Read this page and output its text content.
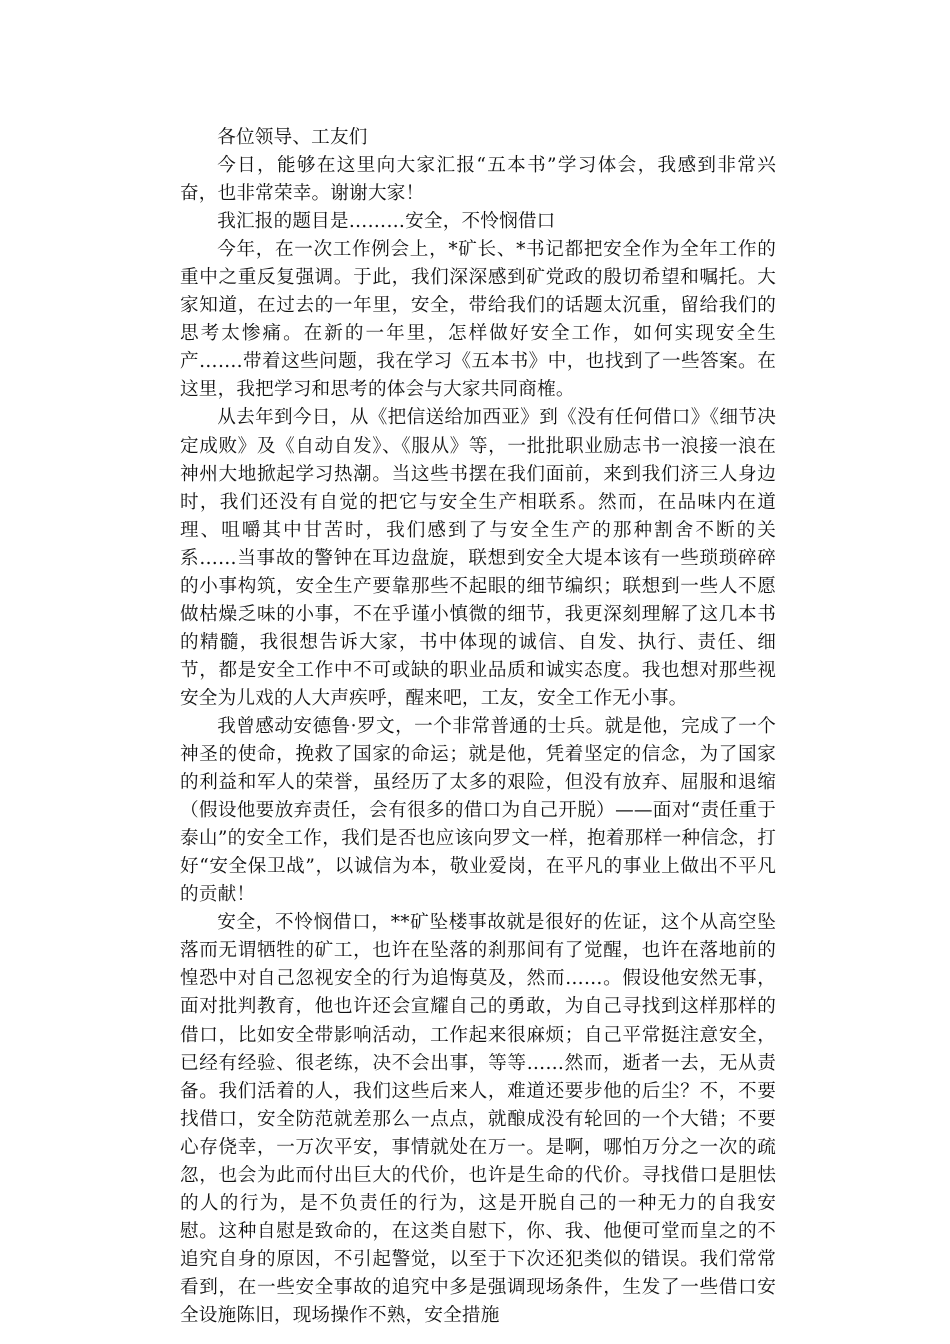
各位领导、工友们

今日，能够在这里向大家汇报“五本书”学习体会，我感到非常兴奋，也非常荣幸。谢谢大家！

我汇报的题目是………安全，不怜悯借口

今年，在一次工作例会上，*矿长、*书记都把安全作为全年工作的重中之重反复强调。于此，我们深深感到矿党政的殷切希望和嘱托。大家知道，在过去的一年里，安全，带给我们的话题太沉重，留给我们的思考太惨痛。在新的一年里，怎样做好安全工作，如何实现安全生产…….带着这些问题，我在学习《五本书》中，也找到了一些答案。在这里，我把学习和思考的体会与大家共同商榷。

从去年到今日，从《把信送给加西亚》到《没有任何借口》《细节决定成败》及《自动自发》、《服从》等，一批批职业励志书一浪接一浪在神州大地掀起学习热潮。当这些书摆在我们面前，来到我们济三人身边时，我们还没有自觉的把它与安全生产相联系。然而，在品味内在道理、咀嚼其中甘苦时，我们感到了与安全生产的那种割舍不断的关系……当事故的警钟在耳边盘旋，联想到安全大堤本该有一些琐琐碎碎的小事构筑，安全生产要靠那些不起眼的细节编织；联想到一些人不愿做枯燥乏味的小事，不在乎谨小慎微的细节，我更深刻理解了这几本书的精髓，我很想告诉大家，书中体现的诚信、自发、执行、责任、细节，都是安全工作中不可或缺的职业品质和诚实态度。我也想对那些视安全为儿戏的人大声疾呼，醒来吧，工友，安全工作无小事。

我曾感动安德鲁·罗文，一个非常普通的士兵。就是他，完成了一个神圣的使命，挽救了国家的命运；就是他，凭着坚定的信念，为了国家的利益和军人的荣誉，虽经历了太多的艰险，但没有放弃、屈服和退缩（假设他要放弃责任，会有很多的借口为自己开脱）——面对“责任重于泰山”的安全工作，我们是否也应该向罗文一样，抱着那样一种信念，打好“安全保卫战”，以诚信为本，敬业爱岗，在平凡的事业上做出不平凡的贡献！

安全，不怜悯借口，**矿坠楼事故就是很好的佐证，这个从高空坠落而无谓牺牲的矿工，也许在坠落的刹那间有了觉醒，也许在落地前的惶恐中对自己忽视安全的行为追悔莫及，然而……。假设他安然无事，面对批判教育，他也许还会宣耀自己的勇敢，为自己寻找到这样那样的借口，比如安全带影响活动，工作起来很麻烦；自己平常挺注意安全，已经有经验、很老练，决不会出事，等等……然而，逝者一去，无从责备。我们活着的人，我们这些后来人，难道还要步他的后尘？不，不要找借口，安全防范就差那么一点点，就酿成没有轮回的一个大错；不要心存侥幸，一万次平安，事情就处在万一。是啊，哪怕万分之一次的疏忽，也会为此而付出巨大的代价，也许是生命的代价。寻找借口是胆怯的人的行为，是不负责任的行为，这是开脱自己的一种无力的自我安慰。这种自慰是致命的，在这类自慰下，你、我、他便可堂而皇之的不追究自身的原因，不引起警觉，以至于下次还犯类似的错误。我们常常看到，在一些安全事故的追究中多是强调现场条件，生发了一些借口安全设施陈旧，现场操作不熟，安全措施
